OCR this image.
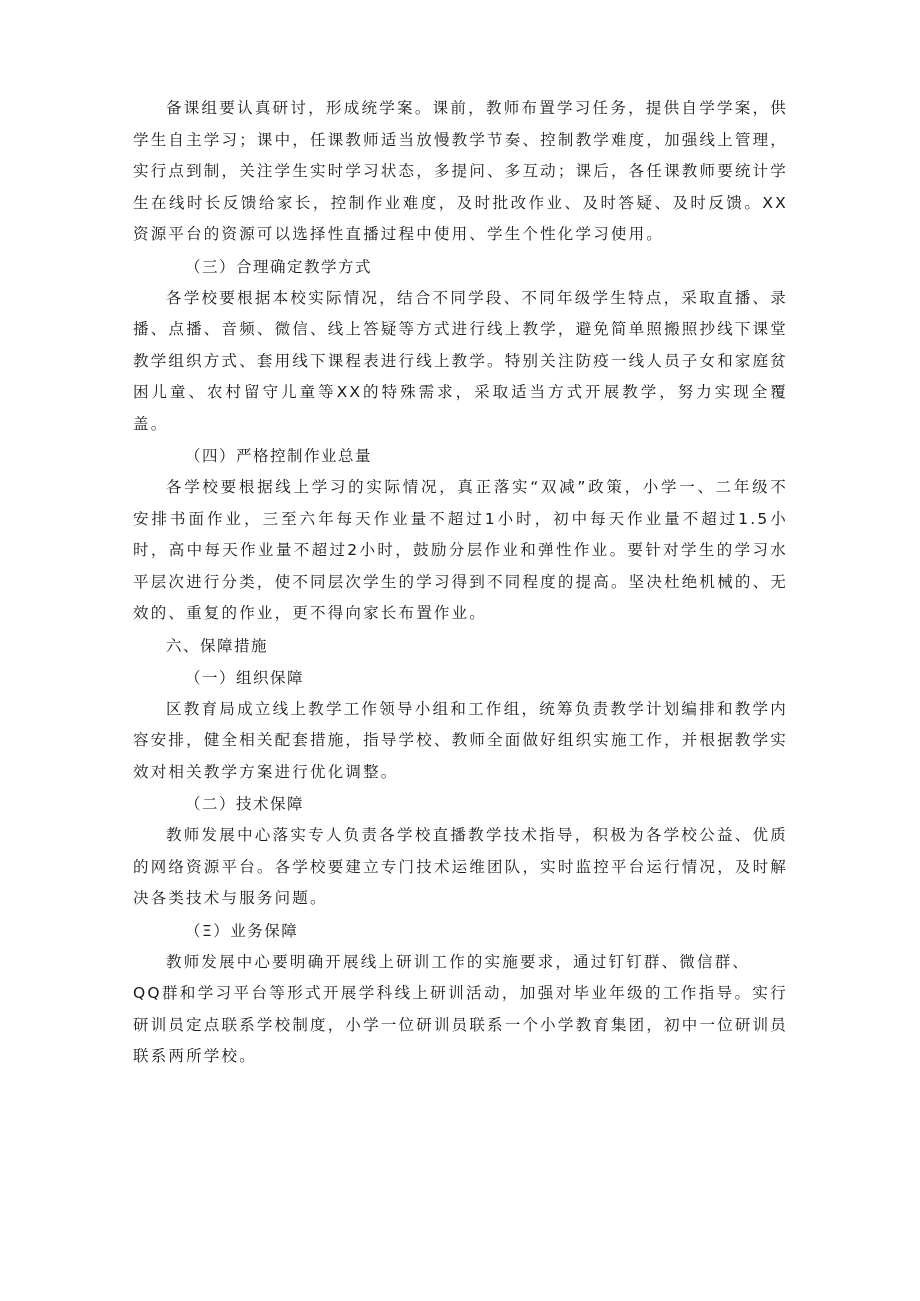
备课组要认真研讨，形成统学案。课前，教师布置学习任务，提供自学学案，供学生自主学习；课中，任课教师适当放慢教学节奏、控制教学难度，加强线上管理，实行点到制，关注学生实时学习状态，多提问、多互动；课后，各任课教师要统计学生在线时长反馈给家长，控制作业难度，及时批改作业、及时答疑、及时反馈。XX资源平台的资源可以选择性直播过程中使用、学生个性化学习使用。

（三）合理确定教学方式

各学校要根据本校实际情况，结合不同学段、不同年级学生特点，采取直播、录播、点播、音频、微信、线上答疑等方式进行线上教学，避免简单照搬照抄线下课堂教学组织方式、套用线下课程表进行线上教学。特别关注防疫一线人员子女和家庭贫困儿童、农村留守儿童等XX的特殊需求，采取适当方式开展教学，努力实现全覆盖。

（四）严格控制作业总量

各学校要根据线上学习的实际情况，真正落实“双减”政策，小学一、二年级不安排书面作业，三至六年每天作业量不超过1小时，初中每天作业量不超过1.5小时，高中每天作业量不超过2小时，鼓励分层作业和弹性作业。要针对学生的学习水平层次进行分类，使不同层次学生的学习得到不同程度的提高。坚决杜绝机械的、无效的、重复的作业，更不得向家长布置作业。

六、保障措施

（一）组织保障

区教育局成立线上教学工作领导小组和工作组，统筹负责教学计划编排和教学内容安排，健全相关配套措施，指导学校、教师全面做好组织实施工作，并根据教学实效对相关教学方案进行优化调整。

（二）技术保障

教师发展中心落实专人负责各学校直播教学技术指导，积极为各学校公益、优质的网络资源平台。各学校要建立专门技术运维团队，实时监控平台运行情况，及时解决各类技术与服务问题。

（Ξ）业务保障

教师发展中心要明确开展线上研训工作的实施要求，通过钉钉群、微信群、

QQ群和学习平台等形式开展学科线上研训活动，加强对毕业年级的工作指导。实行研训员定点联系学校制度，小学一位研训员联系一个小学教育集团，初中一位研训员联系两所学校。
